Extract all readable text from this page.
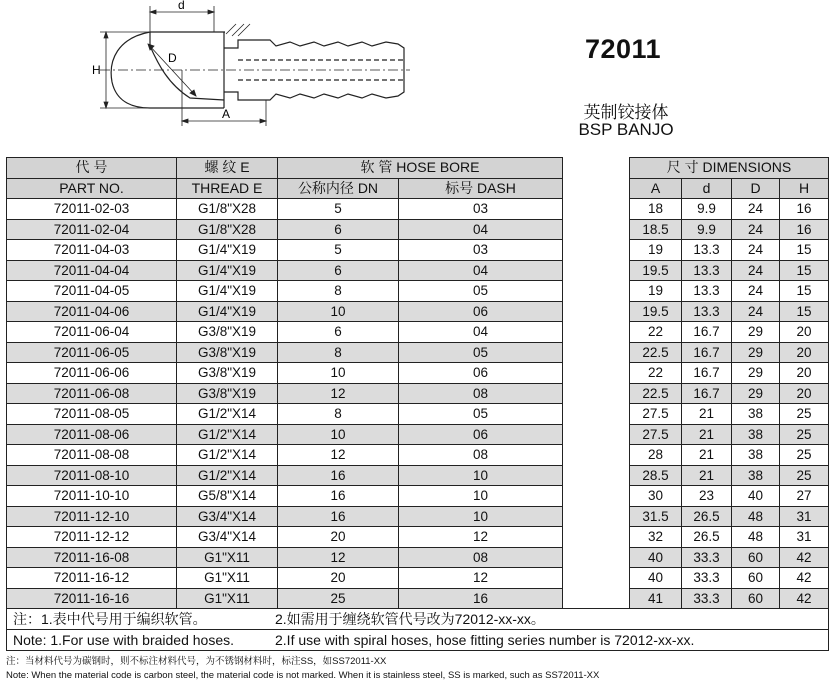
d
H
D
A
72011
英制铰接体
BSP BANJO
代 号	螺 纹 E	软 管 HOSE BORE			尺 寸 DIMENSIONS			
PART NO.	THREAD E	公称内径 DN	标号 DASH		A	d	D	H
72011-02-03	G1/8"X28	5	03		18	9.9	24	16
72011-02-04	G1/8"X28	6	04		18.5	9.9	24	16
72011-04-03	G1/4"X19	5	03		19	13.3	24	15
72011-04-04	G1/4"X19	6	04		19.5	13.3	24	15
72011-04-05	G1/4"X19	8	05		19	13.3	24	15
72011-04-06	G1/4"X19	10	06		19.5	13.3	24	15
72011-06-04	G3/8"X19	6	04		22	16.7	29	20
72011-06-05	G3/8"X19	8	05		22.5	16.7	29	20
72011-06-06	G3/8"X19	10	06		22	16.7	29	20
72011-06-08	G3/8"X19	12	08		22.5	16.7	29	20
72011-08-05	G1/2"X14	8	05		27.5	21	38	25
72011-08-06	G1/2"X14	10	06		27.5	21	38	25
72011-08-08	G1/2"X14	12	08		28	21	38	25
72011-08-10	G1/2"X14	16	10		28.5	21	38	25
72011-10-10	G5/8"X14	16	10		30	23	40	27
72011-12-10	G3/4"X14	16	10		31.5	26.5	48	31
72011-12-12	G3/4"X14	20	12		32	26.5	48	31
72011-16-08	G1"X11	12	08		40	33.3	60	42
72011-16-12	G1"X11	20	12		40	33.3	60	42
72011-16-16	G1"X11	25	16		41	33.3	60	42
注：1.表中代号用于编织软管。 2.如需用于缠绕软管代号改为72012-xx-xx。								
Note: 1.For use with braided hoses. 2.If use with spiral hoses, hose fitting series number is 72012-xx-xx.								
注：当材料代号为碳钢时，则不标注材料代号，为不锈钢材料时，标注SS，如SS72011-XX
Note: When the material code is carbon steel, the material code is not marked. When it is stainless steel, SS is marked, such as SS72011-XX
